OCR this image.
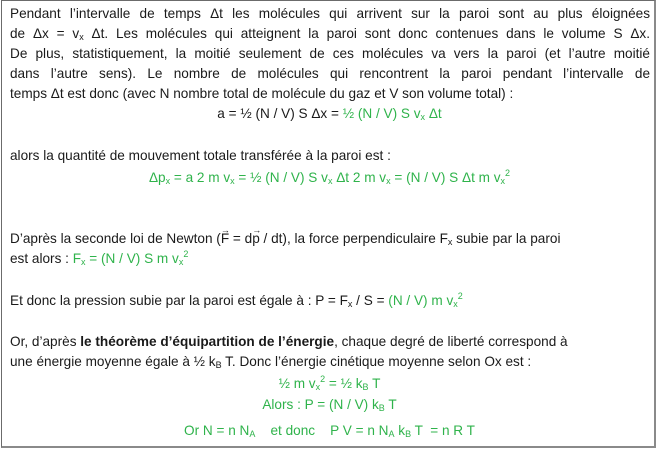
Pendant l’intervalle de temps Δt les molécules qui arrivent sur la paroi sont au plus éloignées
de $\Delta x = v_x$ Δt. Les molécules qui atteignent la paroi sont donc contenues dans le volume S Δx.
De plus, statistiquement, la moitié seulement de ces molécules va vers la paroi (et l’autre moitié
dans l’autre sens). Le nombre de molécules qui rencontrent la paroi pendant l’intervalle de
temps Δt est donc (avec N nombre total de molécule du gaz et V son volume total) :
a = ½ (N / V) S Δx = ½ (N / V) S $v_x$ Δt
alors la quantité de mouvement totale transférée à la paroi est :
$\Delta p_x = a$ 2 m $v_x$ = ½ (N / V) S $v_x$ Δt 2 m $v_x = (N / V)$ S Δt m $v_x^2$
D’après la seconde loi de Newton (→ F = d→ p / dt), la force perpendiculaire $F_x$ subie par la paroi
est alors : $F_x = (N / V)$ S m $v_x^2$
Et donc la pression subie par la paroi est égale à : $P = F_x / S = (N / V)$ m $v_x^2$
Or, d’après le théorème d’équipartition de l’énergie, chaque degré de liberté correspond à
une énergie moyenne égale à ½ $k_B$ T. Donc l’énergie cinétique moyenne selon Ox est :
½ m $v_x^2$ = ½ $k_B$ T
Alors : P = (N / V) $k_B$ T
Or N = n $N_A$    et donc    P V = n $N_A$ $k_B$ T  = n R T
